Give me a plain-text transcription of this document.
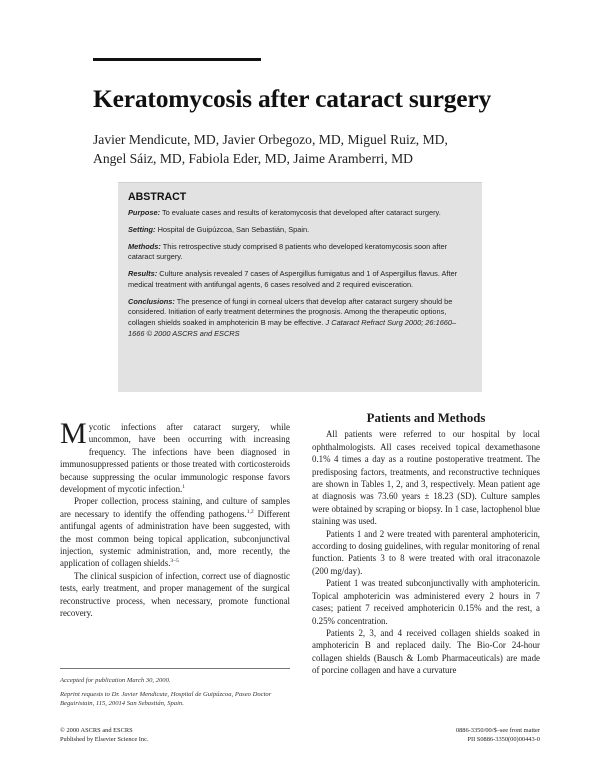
Keratomycosis after cataract surgery
Javier Mendicute, MD, Javier Orbegozo, MD, Miguel Ruiz, MD,
Angel Sáiz, MD, Fabiola Eder, MD, Jaime Aramberri, MD
ABSTRACT
Purpose: To evaluate cases and results of keratomycosis that developed after cataract surgery.
Setting: Hospital de Guipúzcoa, San Sebastián, Spain.
Methods: This retrospective study comprised 8 patients who developed keratomycosis soon after cataract surgery.
Results: Culture analysis revealed 7 cases of Aspergillus fumigatus and 1 of Aspergillus flavus. After medical treatment with antifungal agents, 6 cases resolved and 2 required evisceration.
Conclusions: The presence of fungi in corneal ulcers that develop after cataract surgery should be considered. Initiation of early treatment determines the prognosis. Among the therapeutic options, collagen shields soaked in amphotericin B may be effective. J Cataract Refract Surg 2000; 26:1660–1666 © 2000 ASCRS and ESCRS

Mycotic infections after cataract surgery, while uncommon, have been occurring with increasing frequency. The infections have been diagnosed in immunosuppressed patients or those treated with corticosteroids because suppressing the ocular immunologic response favors development of mycotic infection.$^1$

Proper collection, process staining, and culture of samples are necessary to identify the offending pathogens.$^{1,2}$ Different antifungal agents of administration have been suggested, with the most common being topical application, subconjunctival injection, systemic administration, and, more recently, the application of collagen shields.$^{3-5}$

The clinical suspicion of infection, correct use of diagnostic tests, early treatment, and proper management of the surgical reconstructive process, when necessary, promote functional recovery.

Patients and Methods

All patients were referred to our hospital by local ophthalmologists. All cases received topical dexamethasone 0.1% 4 times a day as a routine postoperative treatment. The predisposing factors, treatments, and reconstructive techniques are shown in Tables 1, 2, and 3, respectively. Mean patient age at diagnosis was 73.60 years ± 18.23 (SD). Culture samples were obtained by scraping or biopsy. In 1 case, lactophenol blue staining was used.

Patients 1 and 2 were treated with parenteral amphotericin, according to dosing guidelines, with regular monitoring of renal function. Patients 3 to 8 were treated with oral itraconazole (200 mg/day).

Patient 1 was treated subconjunctivally with amphotericin. Topical amphotericin was administered every 2 hours in 7 cases; patient 7 received amphotericin 0.15% and the rest, a 0.25% concentration.

Patients 2, 3, and 4 received collagen shields soaked in amphotericin B and replaced daily. The Bio-Cor 24-hour collagen shields (Bausch & Lomb Pharmaceuticals) are made of porcine collagen and have a curvature

Accepted for publication March 30, 2000.
Reprint requests to Dr. Javier Mendicute, Hospital de Guipúzcoa, Paseo Doctor Beguiristain, 115, 20014 San Sebastián, Spain.
© 2000 ASCRS and ESCRS
Published by Elsevier Science Inc.
0886-3350/00/$–see front matter
PII S0886-3350(00)00443-0
